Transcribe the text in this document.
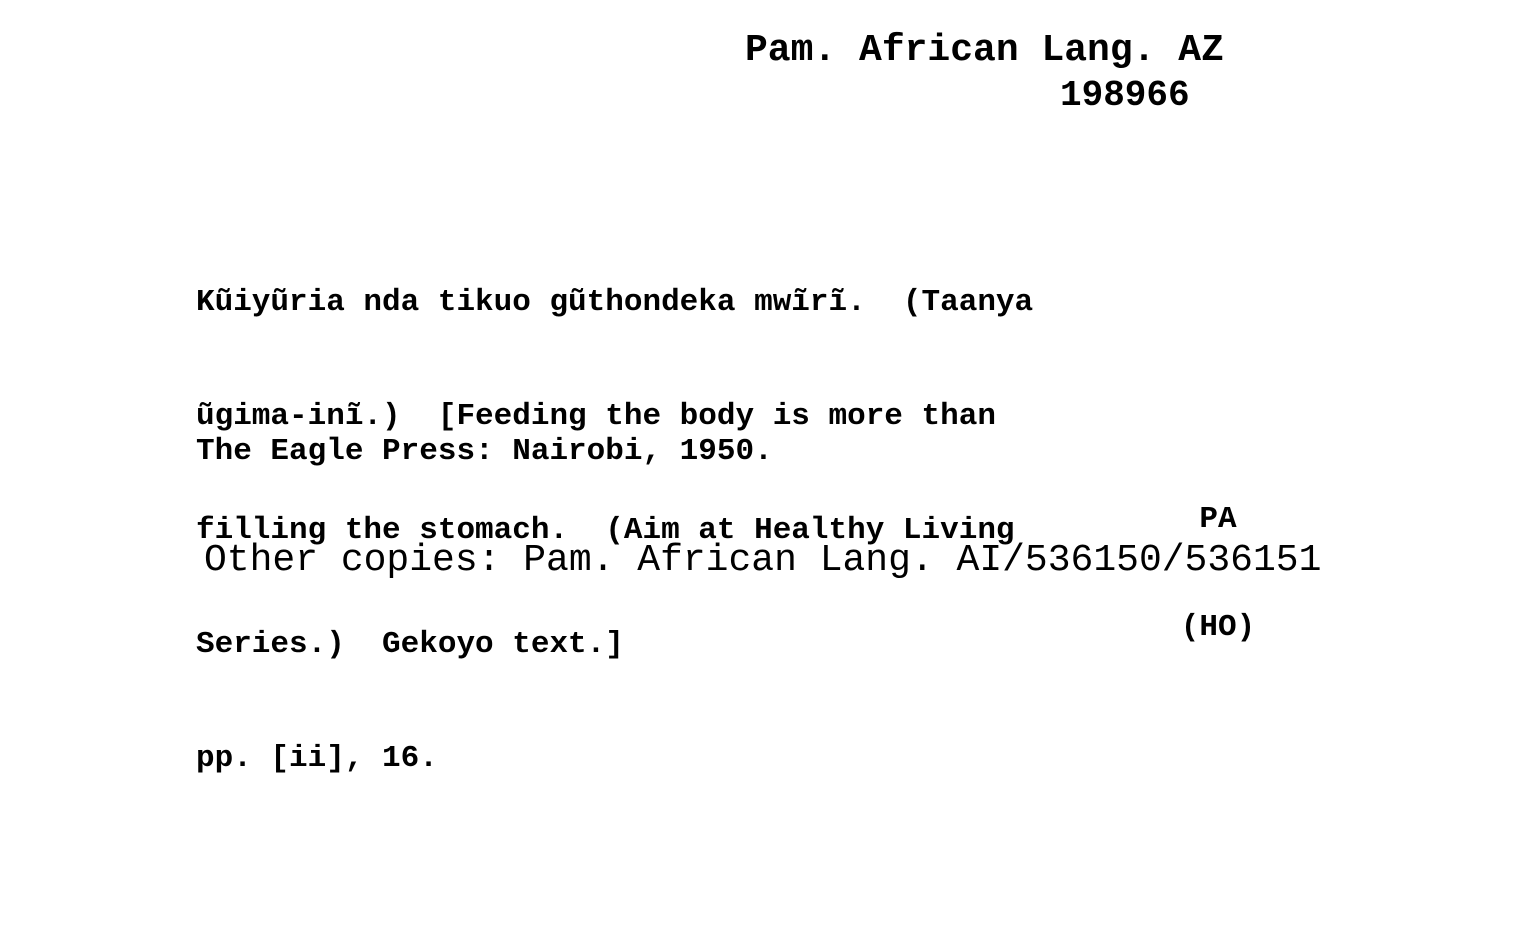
Pam. African Lang. AZ
198966

Kũiyũria nda tikuo gũthondeka mwĩrĩ.  (Taanya

ũgima-inĩ.)  [Feeding the body is more than

filling the stomach.  (Aim at Healthy Living

Series.)  Gekoyo text.]

pp. [ii], 16.

The Eagle Press: Nairobi, 1950.

PA

(HO)

Other copies: Pam. African Lang. AI/536150/536151
